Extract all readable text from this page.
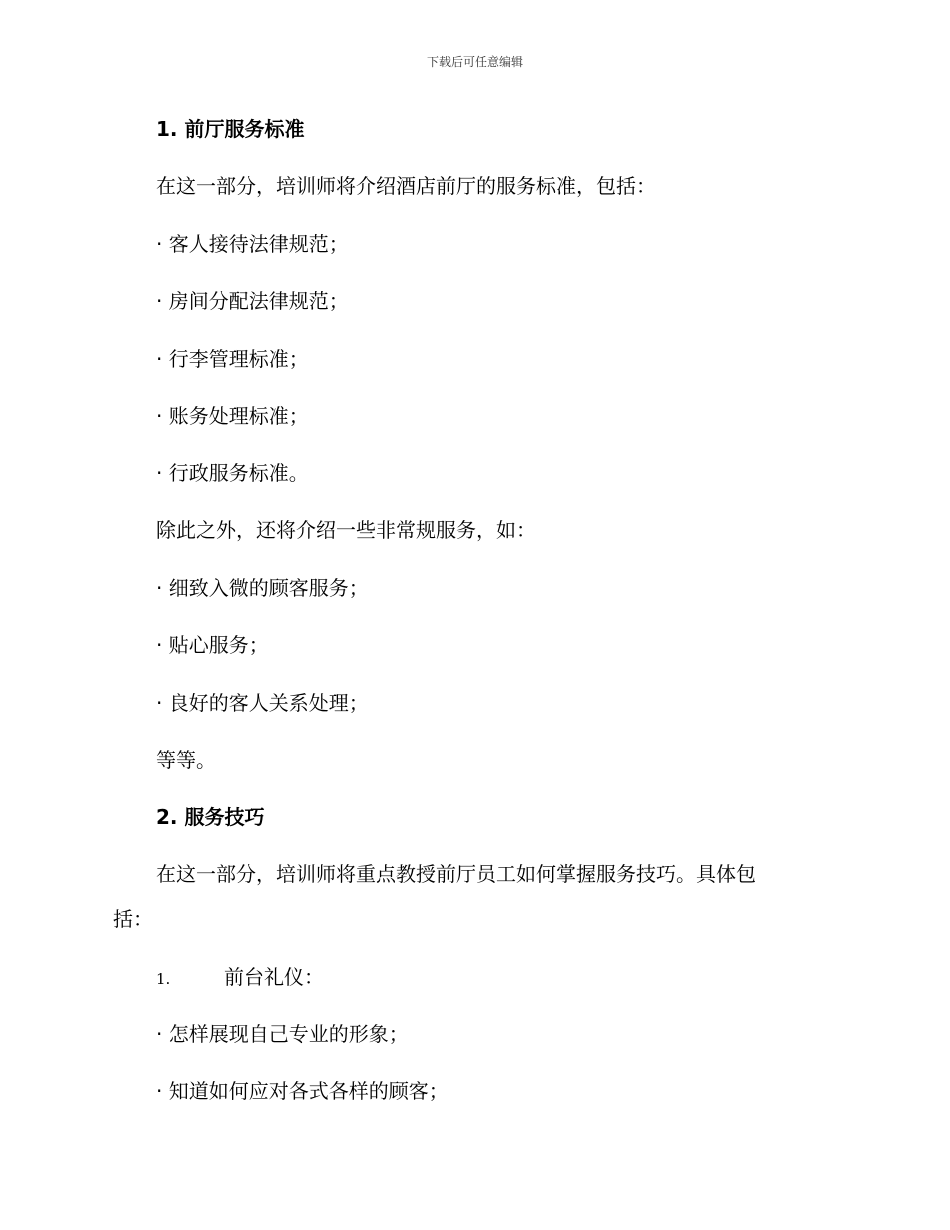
下载后可任意编辑
1. 前厅服务标准
在这一部分，培训师将介绍酒店前厅的服务标准，包括：
· 客人接待法律规范；
· 房间分配法律规范；
· 行李管理标准；
· 账务处理标准；
· 行政服务标准。
除此之外，还将介绍一些非常规服务，如：
· 细致入微的顾客服务；
· 贴心服务；
· 良好的客人关系处理；
等等。
2. 服务技巧
在这一部分，培训师将重点教授前厅员工如何掌握服务技巧。具体包
括：
1.	前台礼仪：
· 怎样展现自己专业的形象；
· 知道如何应对各式各样的顾客；
